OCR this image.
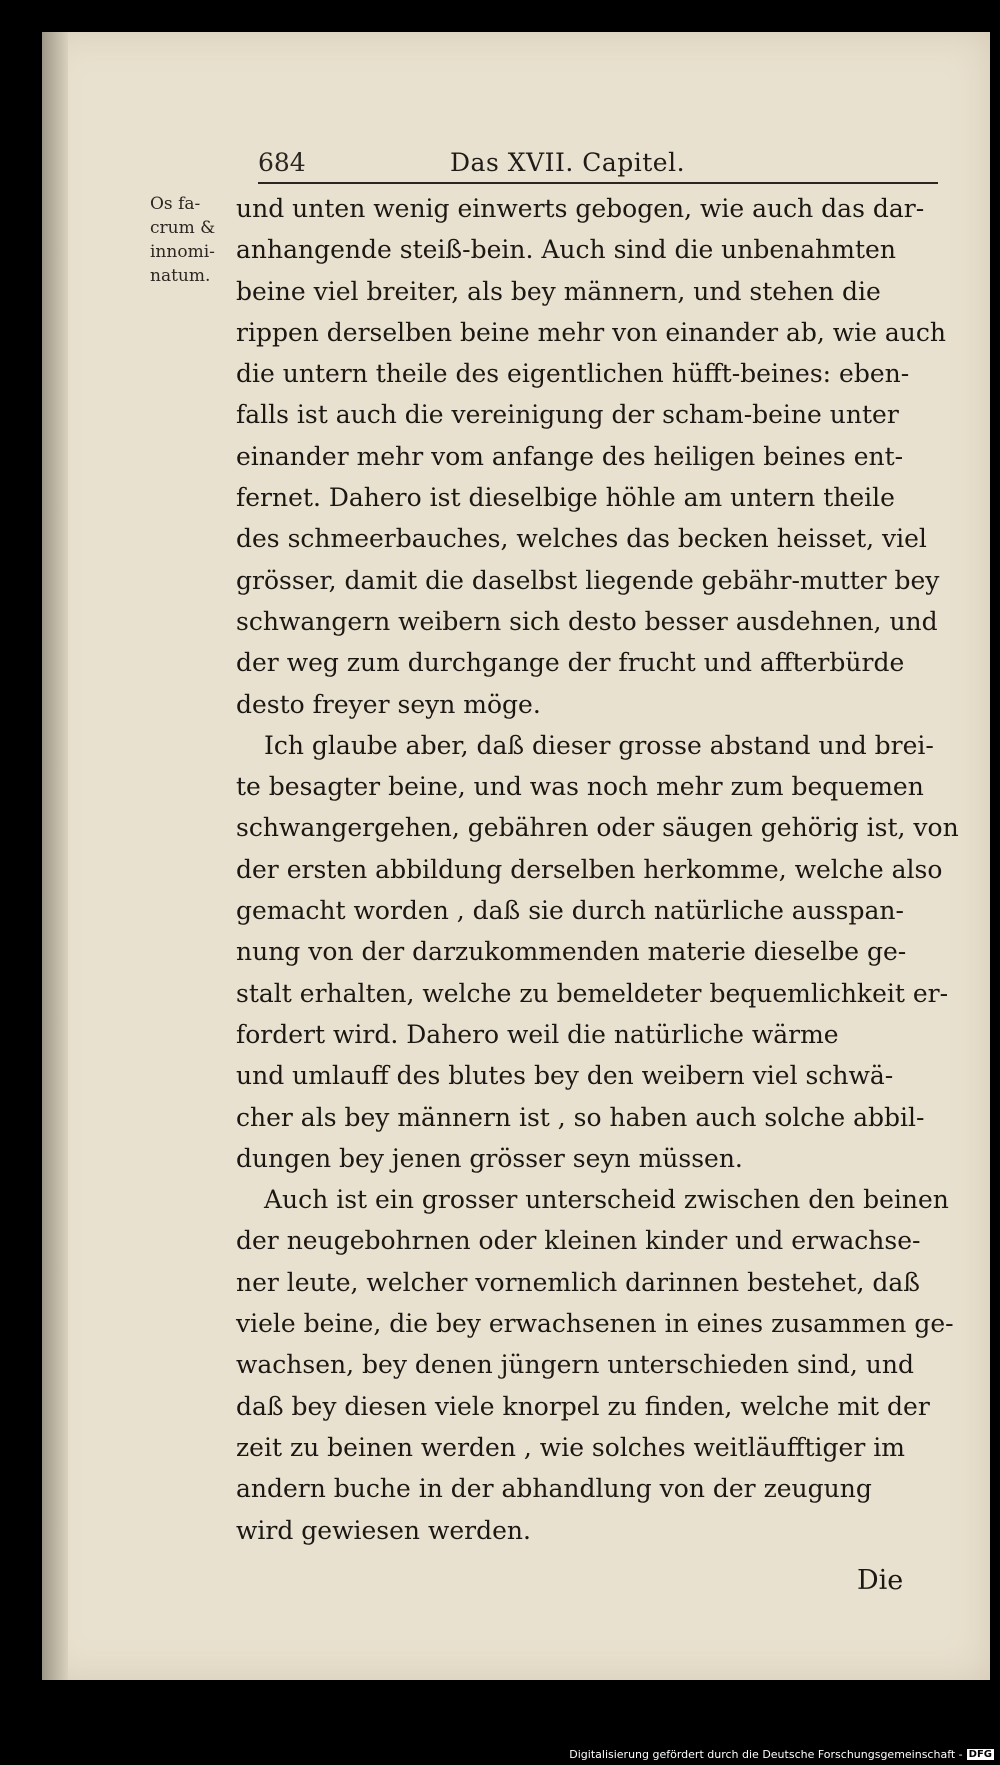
684	Das XVII. Capitel.
Os fa-
crum &
innomi-
natum.
und unten wenig einwerts gebogen, wie auch das dar-
anhangende steiß-bein. Auch sind die unbenahmten
beine viel breiter, als bey männern, und stehen die
rippen derselben beine mehr von einander ab, wie auch
die untern theile des eigentlichen hüfft-beines: eben-
falls ist auch die vereinigung der scham-beine unter
einander mehr vom anfange des heiligen beines ent-
fernet. Dahero ist dieselbige höhle am untern theile
des schmeerbauches, welches das becken heisset, viel
grösser, damit die daselbst liegende gebähr-mutter bey
schwangern weibern sich desto besser ausdehnen, und
der weg zum durchgange der frucht und affterbürde
desto freyer seyn möge.
Ich glaube aber, daß dieser grosse abstand und brei-
te besagter beine, und was noch mehr zum bequemen
schwangergehen, gebähren oder säugen gehörig ist, von
der ersten abbildung derselben herkomme, welche also
gemacht worden , daß sie durch natürliche ausspan-
nung von der darzukommenden materie dieselbe ge-
stalt erhalten, welche zu bemeldeter bequemlichkeit er-
fordert wird. Dahero weil die natürliche wärme
und umlauff des blutes bey den weibern viel schwä-
cher als bey männern ist , so haben auch solche abbil-
dungen bey jenen grösser seyn müssen.
Auch ist ein grosser unterscheid zwischen den beinen
der neugebohrnen oder kleinen kinder und erwachse-
ner leute, welcher vornemlich darinnen bestehet, daß
viele beine, die bey erwachsenen in eines zusammen ge-
wachsen, bey denen jüngern unterschieden sind, und
daß bey diesen viele knorpel zu finden, welche mit der
zeit zu beinen werden , wie solches weitläufftiger im
andern buche in der abhandlung von der zeugung
wird gewiesen werden.
Die
Digitalisierung gefördert durch die Deutsche Forschungsgemeinschaft - DFG
